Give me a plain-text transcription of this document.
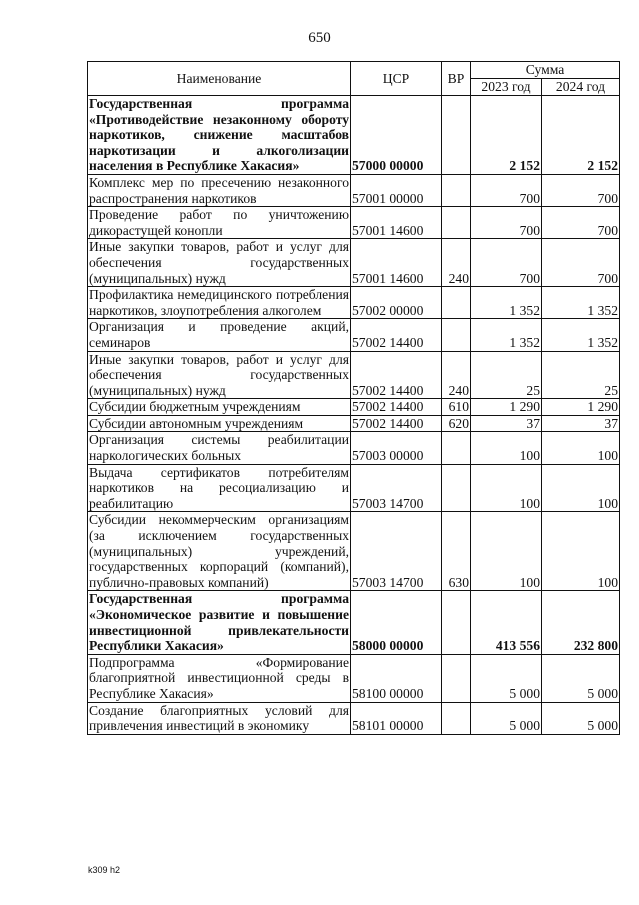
650
Наименование	ЦСР	ВР	Сумма	
			2023 год	2024 год
Государственная программа «Противодействие незаконному обороту наркотиков, снижение масштабов наркотизации и алкоголизации населения в Республике Хакасия»	57000 00000		2 152	2 152
Комплекс мер по пресечению незаконного распространения наркотиков	57001 00000		700	700
Проведение работ по уничтожению дикорастущей конопли	57001 14600		700	700
Иные закупки товаров, работ и услуг для обеспечения государственных (муниципальных) нужд	57001 14600	240	700	700
Профилактика немедицинского потребления наркотиков, злоупотребления алкоголем	57002 00000		1 352	1 352
Организация и проведение акций, семинаров	57002 14400		1 352	1 352
Иные закупки товаров, работ и услуг для обеспечения государственных (муниципальных) нужд	57002 14400	240	25	25
Субсидии бюджетным учреждениям	57002 14400	610	1 290	1 290
Субсидии автономным учреждениям	57002 14400	620	37	37
Организация системы реабилитации наркологических больных	57003 00000		100	100
Выдача сертификатов потребителям наркотиков на ресоциализацию и реабилитацию	57003 14700		100	100
Субсидии некоммерческим организациям (за исключением государственных (муниципальных) учреждений, государственных корпораций (компаний), публично-правовых компаний)	57003 14700	630	100	100
Государственная программа «Экономическое развитие и повышение инвестиционной привлекательности Республики Хакасия»	58000 00000		413 556	232 800
Подпрограмма «Формирование благоприятной инвестиционной среды в Республике Хакасия»	58100 00000		5 000	5 000
Создание благоприятных условий для привлечения инвестиций в экономику	58101 00000		5 000	5 000
k309 h2
